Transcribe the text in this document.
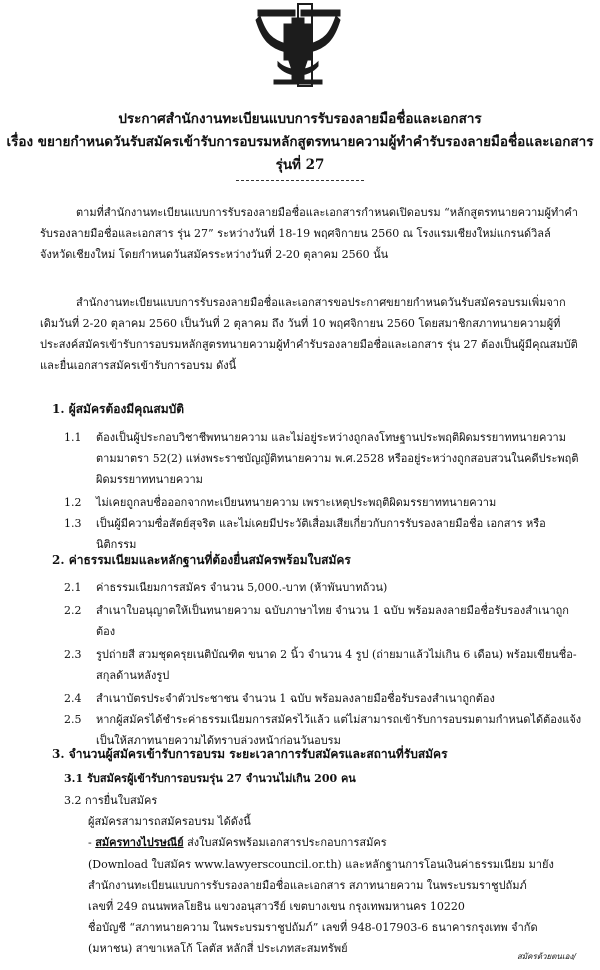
ประกาศสำนักงานทะเบียนแบบการรับรองลายมือชื่อและเอกสาร
เรื่อง ขยายกำหนดวันรับสมัครเข้ารับการอบรมหลักสูตรทนายความผู้ทำคำรับรองลายมือชื่อและเอกสาร
รุ่นที่ 27
ตามที่สำนักงานทะเบียนแบบการรับรองลายมือชื่อและเอกสารกำหนดเปิดอบรม “หลักสูตรทนายความผู้ทำคำรับรองลายมือชื่อและเอกสาร รุ่น 27” ระหว่างวันที่ 18-19 พฤศจิกายน 2560 ณ โรงแรมเชียงใหม่แกรนด์วิลล์ จังหวัดเชียงใหม่ โดยกำหนดวันสมัครระหว่างวันที่ 2-20 ตุลาคม 2560 นั้น
สำนักงานทะเบียนแบบการรับรองลายมือชื่อและเอกสารขอประกาศขยายกำหนดวันรับสมัครอบรมเพิ่มจากเดิมวันที่ 2-20 ตุลาคม 2560 เป็นวันที่ 2 ตุลาคม ถึง วันที่ 10 พฤศจิกายน 2560 โดยสมาชิกสภาทนายความผู้ที่ประสงค์สมัครเข้ารับการอบรมหลักสูตรทนายความผู้ทำคำรับรองลายมือชื่อและเอกสาร รุ่น 27 ต้องเป็นผู้มีคุณสมบัติและยื่นเอกสารสมัครเข้ารับการอบรม ดังนี้
1. ผู้สมัครต้องมีคุณสมบัติ
1.1 ต้องเป็นผู้ประกอบวิชาชีพทนายความ และไม่อยู่ระหว่างถูกลงโทษฐานประพฤติผิดมรรยาททนายความ ตามมาตรา 52(2) แห่งพระราชบัญญัติทนายความ พ.ศ.2528 หรืออยู่ระหว่างถูกสอบสวนในคดีประพฤติผิดมรรยาททนายความ
1.2 ไม่เคยถูกลบชื่อออกจากทะเบียนทนายความ เพราะเหตุประพฤติผิดมรรยาททนายความ
1.3 เป็นผู้มีความซื่อสัตย์สุจริต และไม่เคยมีประวัติเสื่อมเสียเกี่ยวกับการรับรองลายมือชื่อ เอกสาร หรือนิติกรรม
2. ค่าธรรมเนียมและหลักฐานที่ต้องยื่นสมัครพร้อมใบสมัคร
2.1 ค่าธรรมเนียมการสมัคร จำนวน 5,000.-บาท (ห้าพันบาทถ้วน)
2.2 สำเนาใบอนุญาตให้เป็นทนายความ ฉบับภาษาไทย จำนวน 1 ฉบับ พร้อมลงลายมือชื่อรับรองสำเนาถูกต้อง
2.3 รูปถ่ายสี สวมชุดครุยเนติบัณฑิต ขนาด 2 นิ้ว จำนวน 4 รูป (ถ่ายมาแล้วไม่เกิน 6 เดือน) พร้อมเขียนชื่อ-สกุลด้านหลังรูป
2.4 สำเนาบัตรประจำตัวประชาชน จำนวน 1 ฉบับ พร้อมลงลายมือชื่อรับรองสำเนาถูกต้อง
2.5 หากผู้สมัครได้ชำระค่าธรรมเนียมการสมัครไว้แล้ว แต่ไม่สามารถเข้ารับการอบรมตามกำหนดได้ต้องแจ้งเป็นให้สภาทนายความได้ทราบล่วงหน้าก่อนวันอบรม
3. จำนวนผู้สมัครเข้ารับการอบรม ระยะเวลาการรับสมัครและสถานที่รับสมัคร
3.1 รับสมัครผู้เข้ารับการอบรมรุ่น 27 จำนวนไม่เกิน 200 คน
3.2 การยื่นใบสมัคร
ผู้สมัครสามารถสมัครอบรม ได้ดังนี้
- สมัครทางไปรษณีย์ ส่งใบสมัครพร้อมเอกสารประกอบการสมัคร
(Download ใบสมัคร www.lawyerscouncil.or.th) และหลักฐานการโอนเงินค่าธรรมเนียม มายัง
สำนักงานทะเบียนแบบการรับรองลายมือชื่อและเอกสาร สภาทนายความ ในพระบรมราชูปถัมภ์
เลขที่ 249 ถนนพหลโยธิน แขวงอนุสาวรีย์ เขตบางเขน กรุงเทพมหานคร 10220
ชื่อบัญชี “สภาทนายความ ในพระบรมราชูปถัมภ์” เลขที่ 948-017903-6 ธนาคารกรุงเทพ จำกัด
(มหาชน) สาขาเหลโก้ โลตัส หลักสี่ ประเภทสะสมทรัพย์
สมัครด้วยตนเอง/
